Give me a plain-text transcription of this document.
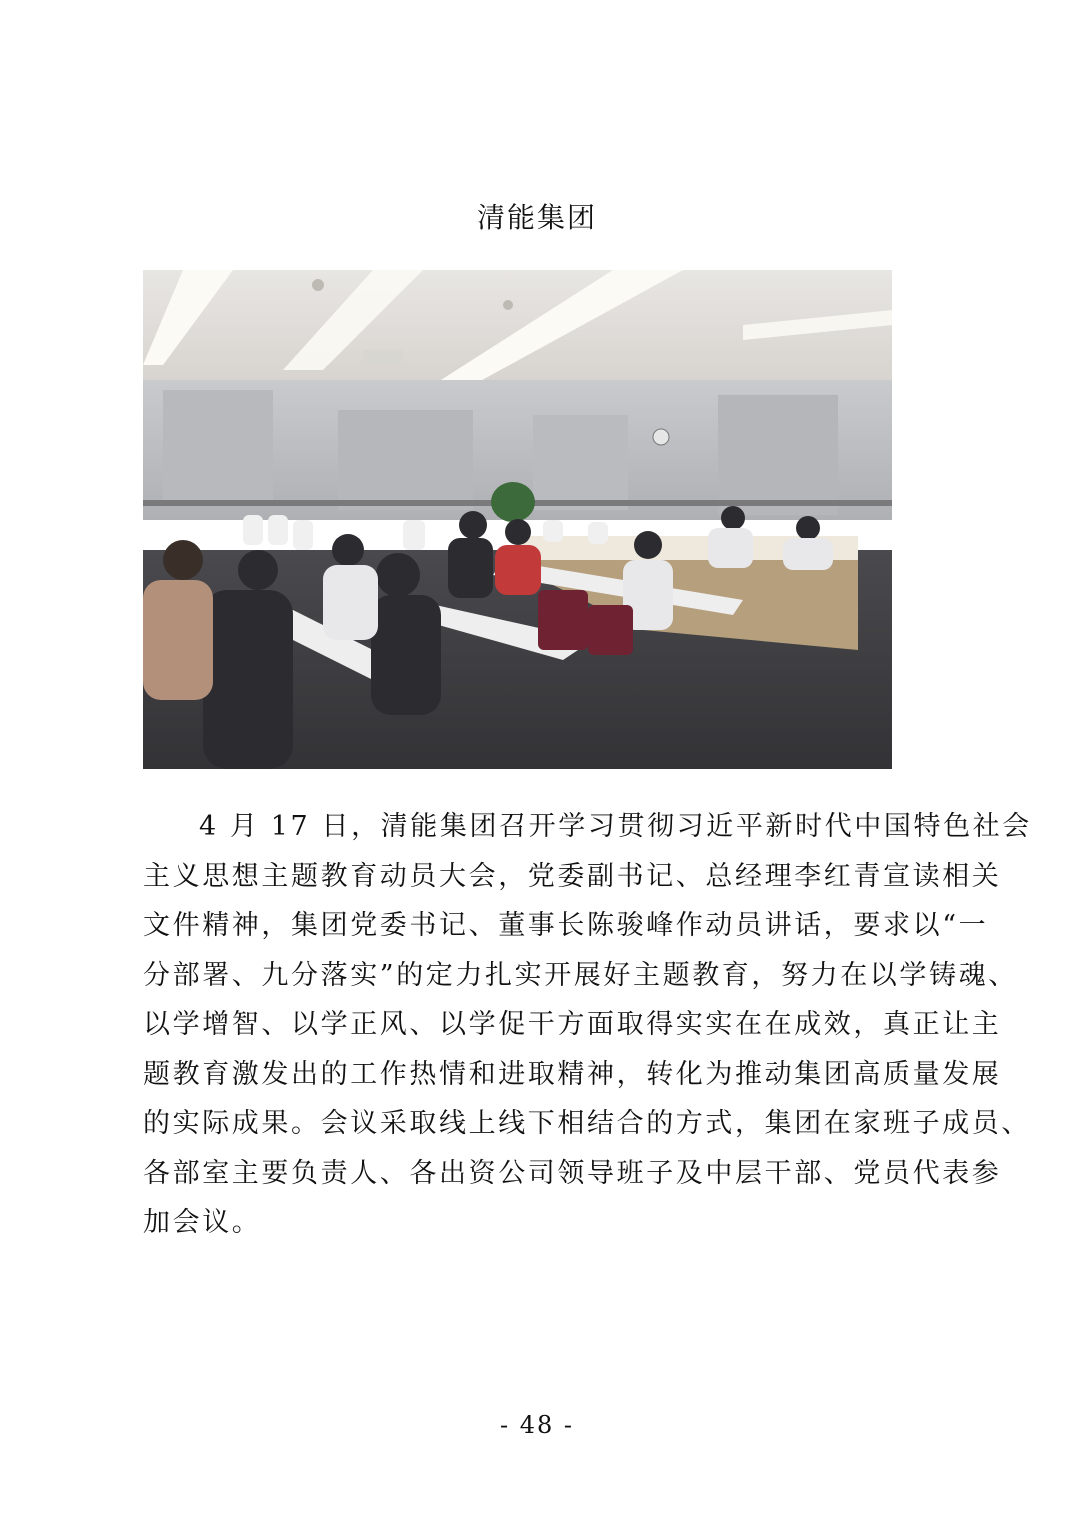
清能集团
4 月 17 日，清能集团召开学习贯彻习近平新时代中国特色社会
主义思想主题教育动员大会，党委副书记、总经理李红青宣读相关
文件精神，集团党委书记、董事长陈骏峰作动员讲话，要求以“一
分部署、九分落实”的定力扎实开展好主题教育，努力在以学铸魂、
以学增智、以学正风、以学促干方面取得实实在在成效，真正让主
题教育激发出的工作热情和进取精神，转化为推动集团高质量发展
的实际成果。会议采取线上线下相结合的方式，集团在家班子成员、
各部室主要负责人、各出资公司领导班子及中层干部、党员代表参
加会议。
- 48 -
